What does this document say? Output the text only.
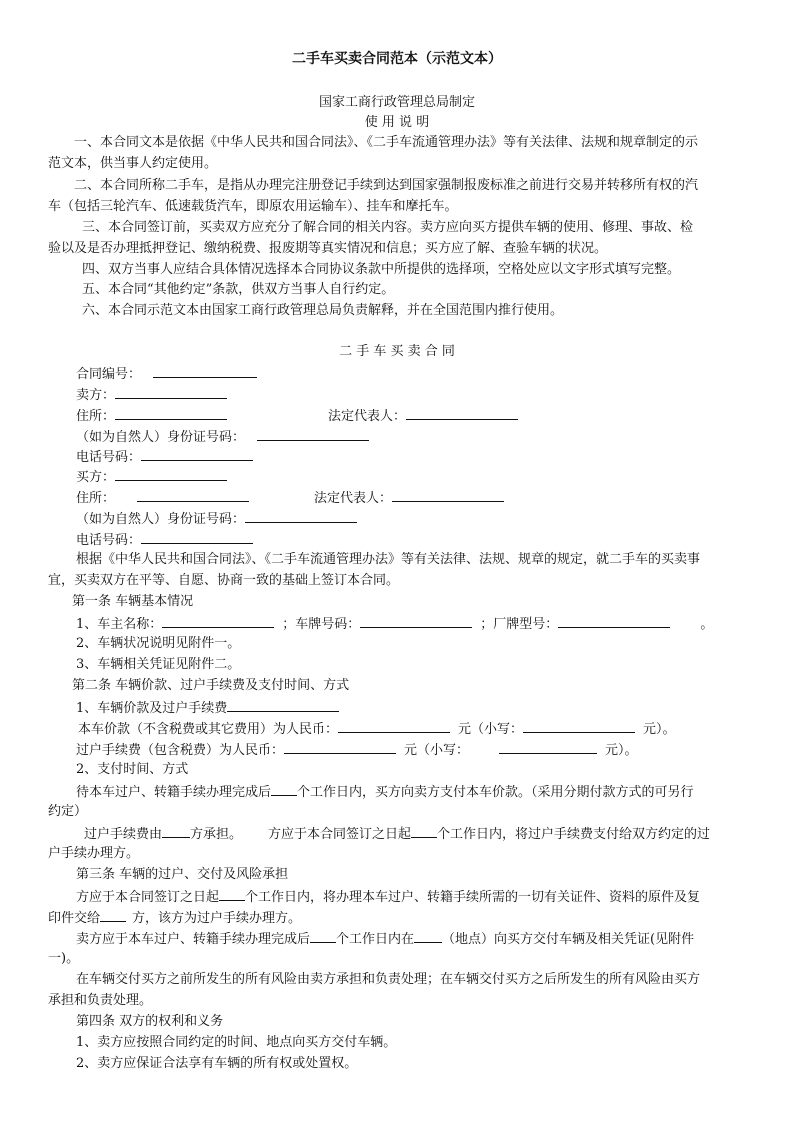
二手车买卖合同范本（示范文本）
国家工商行政管理总局制定
使 用 说 明
一、本合同文本是依据《中华人民共和国合同法》、《二手车流通管理办法》等有关法律、法规和规章制定的示
范文本，供当事人约定使用。
二、本合同所称二手车，是指从办理完注册登记手续到达到国家强制报废标准之前进行交易并转移所有权的汽
车（包括三轮汽车、低速载货汽车，即原农用运输车）、挂车和摩托车。
三、本合同签订前，买卖双方应充分了解合同的相关内容。卖方应向买方提供车辆的使用、修理、事故、检
验以及是否办理抵押登记、缴纳税费、报废期等真实情况和信息；买方应了解、查验车辆的状况。
四、双方当事人应结合具体情况选择本合同协议条款中所提供的选择项，空格处应以文字形式填写完整。
五、本合同“其他约定”条款，供双方当事人自行约定。
六、本合同示范文本由国家工商行政管理总局负责解释，并在全国范围内推行使用。
二 手 车 买 卖 合 同
合同编号：
卖方：
住所：	法定代表人：
（如为自然人）身份证号码：
电话号码：
买方：
住所：	法定代表人：
（如为自然人）身份证号码：
电话号码：
根据《中华人民共和国合同法》、《二手车流通管理办法》等有关法律、法规、规章的规定，就二手车的买卖事
宜，买卖双方在平等、自愿、协商一致的基础上签订本合同。
第一条 车辆基本情况
1、车主名称：	；车牌号码：	；厂牌型号：	。
2、车辆状况说明见附件一。
3、车辆相关凭证见附件二。
第二条 车辆价款、过户手续费及支付时间、方式
1、车辆价款及过户手续费
本车价款（不含税费或其它费用）为人民币：	元（小写：	元）。
过户手续费（包含税费）为人民币：	元（小写：	元）。
2、支付时间、方式
待本车过户、转籍手续办理完成后 个工作日内，买方向卖方支付本车价款。（采用分期付款方式的可另行
约定）
过户手续费由 方承担。 方应于本合同签订之日起 个工作日内，将过户手续费支付给双方约定的过
户手续办理方。
第三条 车辆的过户、交付及风险承担
方应于本合同签订之日起 个工作日内，将办理本车过户、转籍手续所需的一切有关证件、资料的原件及复
印件交给 方，该方为过户手续办理方。
卖方应于本车过户、转籍手续办理完成后 个工作日内在 （地点）向买方交付车辆及相关凭证(见附件
一)。
在车辆交付买方之前所发生的所有风险由卖方承担和负责处理；在车辆交付买方之后所发生的所有风险由买方
承担和负责处理。
第四条 双方的权利和义务
1、卖方应按照合同约定的时间、地点向买方交付车辆。
2、卖方应保证合法享有车辆的所有权或处置权。
